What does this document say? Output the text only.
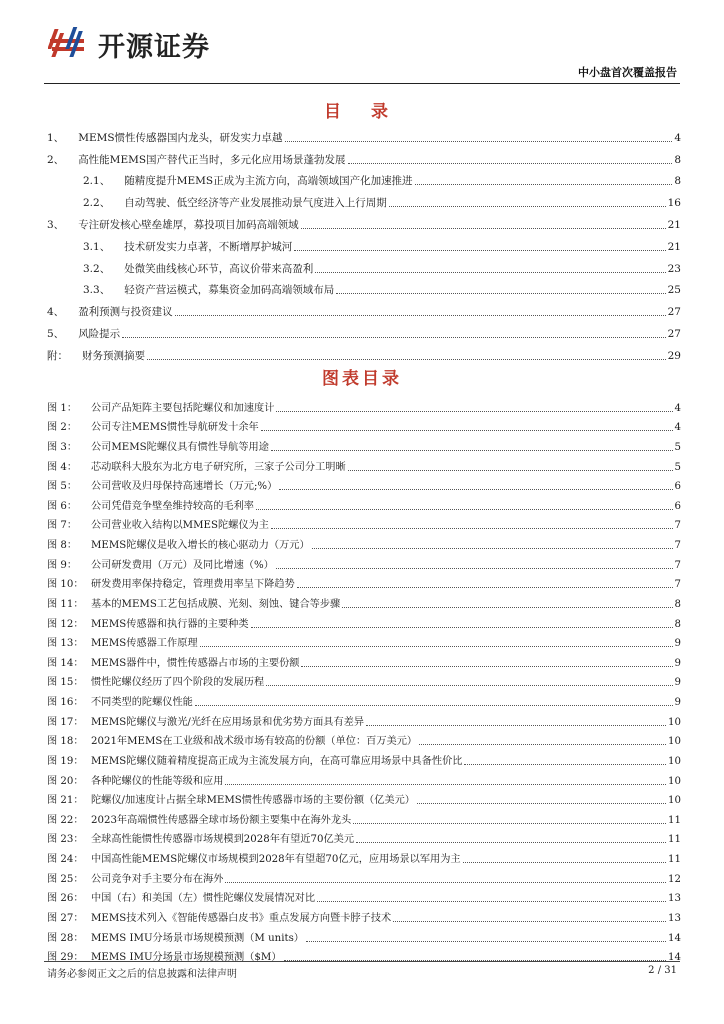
开源证券
中小盘首次覆盖报告
目 录
1、	MEMS惯性传感器国内龙头，研发实力卓越	4
2、	高性能MEMS国产替代正当时，多元化应用场景蓬勃发展	8
2.1、	随精度提升MEMS正成为主流方向，高端领域国产化加速推进	8
2.2、	自动驾驶、低空经济等产业发展推动景气度进入上行周期	16
3、	专注研发核心壁垒雄厚，募投项目加码高端领域	21
3.1、	技术研发实力卓著，不断增厚护城河	21
3.2、	处微笑曲线核心环节，高议价带来高盈利	23
3.3、	轻资产营运模式，募集资金加码高端领域布局	25
4、	盈利预测与投资建议	27
5、	风险提示	27
附：	财务预测摘要	29
图表目录
图 1：	公司产品矩阵主要包括陀螺仪和加速度计	4
图 2：	公司专注MEMS惯性导航研发十余年	4
图 3：	公司MEMS陀螺仪具有惯性导航等用途	5
图 4：	芯动联科大股东为北方电子研究所，三家子公司分工明晰	5
图 5：	公司营收及归母保持高速增长（万元;%）	6
图 6：	公司凭借竞争壁垒维持较高的毛利率	6
图 7：	公司营业收入结构以MMES陀螺仪为主	7
图 8：	MEMS陀螺仪是收入增长的核心驱动力（万元）	7
图 9：	公司研发费用（万元）及同比增速（%）	7
图 10： 研发费用率保持稳定，管理费用率呈下降趋势	7
图 11： 基本的MEMS工艺包括成膜、光刻、刻蚀、键合等步骤	8
图 12： MEMS传感器和执行器的主要种类	8
图 13： MEMS传感器工作原理	9
图 14： MEMS器件中，惯性传感器占市场的主要份额	9
图 15： 惯性陀螺仪经历了四个阶段的发展历程	9
图 16： 不同类型的陀螺仪性能	9
图 17： MEMS陀螺仪与激光/光纤在应用场景和优劣势方面具有差异	10
图 18： 2021年MEMS在工业级和战术级市场有较高的份额（单位：百万美元）	10
图 19： MEMS陀螺仪随着精度提高正成为主流发展方向，在高可靠应用场景中具备性价比	10
图 20： 各种陀螺仪的性能等级和应用	10
图 21： 陀螺仪/加速度计占据全球MEMS惯性传感器市场的主要份额（亿美元）	10
图 22： 2023年高端惯性传感器全球市场份额主要集中在海外龙头	11
图 23： 全球高性能惯性传感器市场规模到2028年有望近70亿美元	11
图 24： 中国高性能MEMS陀螺仪市场规模到2028年有望超70亿元，应用场景以军用为主	11
图 25： 公司竞争对手主要分布在海外	12
图 26： 中国（右）和美国（左）惯性陀螺仪发展情况对比	13
图 27： MEMS技术列入《智能传感器白皮书》重点发展方向暨卡脖子技术	13
图 28： MEMS IMU分场景市场规模预测（M units）	14
图 29： MEMS IMU分场景市场规模预测（$M）	14
请务必参阅正文之后的信息披露和法律声明	2 / 31
